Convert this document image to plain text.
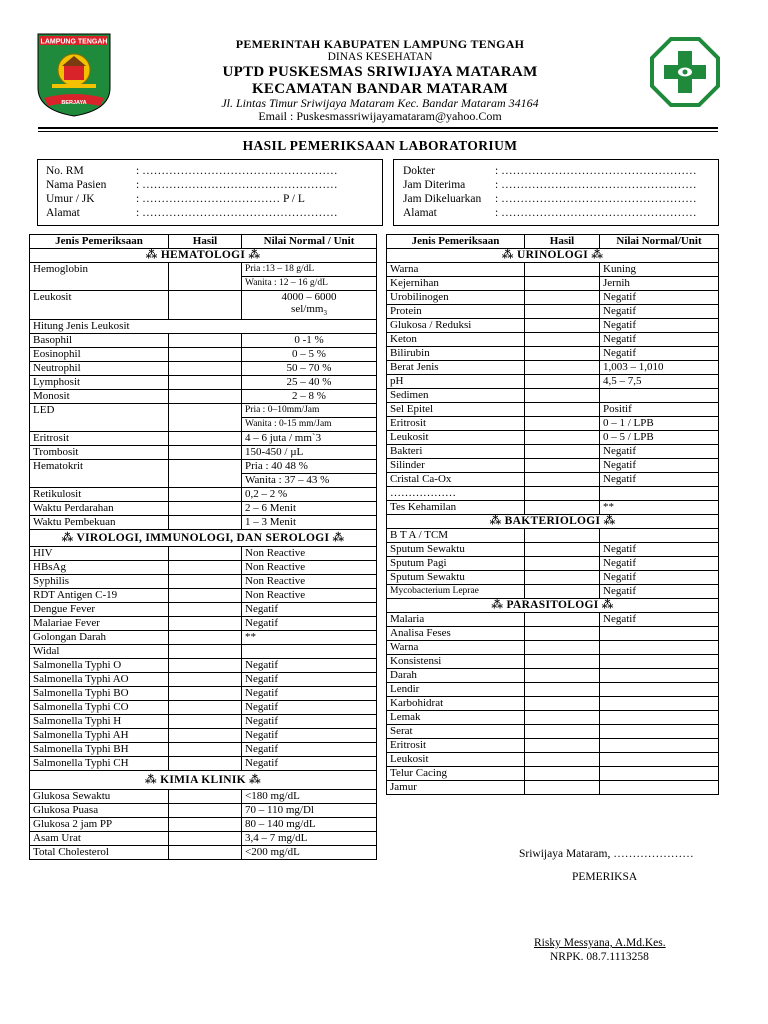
LAMPUNG TENGAH
BERJAYA
PEMERINTAH KABUPATEN LAMPUNG TENGAH
DINAS KESEHATAN
UPTD PUSKESMAS SRIWIJAYA MATARAM
KECAMATAN BANDAR MATARAM
Jl. Lintas Timur Sriwijaya Mataram Kec. Bandar Mataram 34164
Email : Puskesmassriwijayamataram@yahoo.Com
HASIL PEMERIKSAAN LABORATORIUM
No. RM	: ……………………………………………
Nama Pasien	: ……………………………………………
Umur / JK	: ……………………………… P / L
Alamat	: ……………………………………………
Dokter	: ……………………………………………
Jam Diterima	: ……………………………………………
Jam Dikeluarkan : ……………………………………………
Alamat	: ……………………………………………
Jenis Pemeriksaan	Hasil	Nilai Normal / Unit
⁂ HEMATOLOGI ⁂		
Hemoglobin		Pria :13 – 18 g/dL
		Wanita : 12 – 16 g/dL
Leukosit		4000 – 6000
sel/$mm_3$
Hitung Jenis Leukosit		
Basophil		0 -1 %
Eosinophil		0 – 5 %
Neutrophil		50 – 70 %
Lymphosit		25 – 40 %
Monosit		2 – 8 %
LED		Pria : 0–10mm/Jam
		Wanita : 0-15 mm/Jam
Eritrosit		4 – 6 juta / mm`3
Trombosit		150-450 / µL
Hematokrit		Pria : 40 48 %
		Wanita : 37 – 43 %
Retikulosit		0,2 – 2 %
Waktu Perdarahan		2 – 6 Menit
Waktu Pembekuan		1 – 3 Menit
⁂ VIROLOGI, IMMUNOLOGI, DAN SEROLOGI ⁂		
HIV		Non Reactive
HBsAg		Non Reactive
Syphilis		Non Reactive
RDT Antigen C-19		Non Reactive
Dengue Fever		Negatif
Malariae Fever		Negatif
Golongan Darah		**
Widal		
Salmonella Typhi O		Negatif
Salmonella Typhi AO		Negatif
Salmonella Typhi BO		Negatif
Salmonella Typhi CO		Negatif
Salmonella Typhi H		Negatif
Salmonella Typhi AH		Negatif
Salmonella Typhi BH		Negatif
Salmonella Typhi CH		Negatif
⁂ KIMIA KLINIK ⁂		
Glukosa Sewaktu		<180 mg/dL
Glukosa Puasa		70 – 110 mg/Dl
Glukosa 2 jam PP		80 – 140 mg/dL
Asam Urat		3,4 – 7 mg/dL
Total Cholesterol		<200 mg/dL
Jenis Pemeriksaan	Hasil	Nilai Normal/Unit
⁂ URINOLOGI ⁂		
Warna		Kuning
Kejernihan		Jernih
Urobilinogen		Negatif
Protein		Negatif
Glukosa / Reduksi		Negatif
Keton		Negatif
Bilirubin		Negatif
Berat Jenis		1,003 – 1,010
pH		4,5 – 7,5
Sedimen		
Sel Epitel		Positif
Eritrosit		0 – 1 / LPB
Leukosit		0 – 5 / LPB
Bakteri		Negatif
Silinder		Negatif
Cristal Ca-Ox		Negatif
………………		
Tes Kehamilan		**
⁂ BAKTERIOLOGI ⁂		
B T A / TCM		
Sputum Sewaktu		Negatif
Sputum Pagi		Negatif
Sputum Sewaktu		Negatif
Mycobacterium Leprae		Negatif
⁂ PARASITOLOGI ⁂		
Malaria		Negatif
Analisa Feses		
Warna		
Konsistensi		
Darah		
Lendir		
Karbohidrat		
Lemak		
Serat		
Eritrosit		
Leukosit		
Telur Cacing		
Jamur		
Sriwijaya Mataram, …………………
PEMERIKSA
Risky Messyana, A.Md.Kes.
NRPK. 08.7.1113258
